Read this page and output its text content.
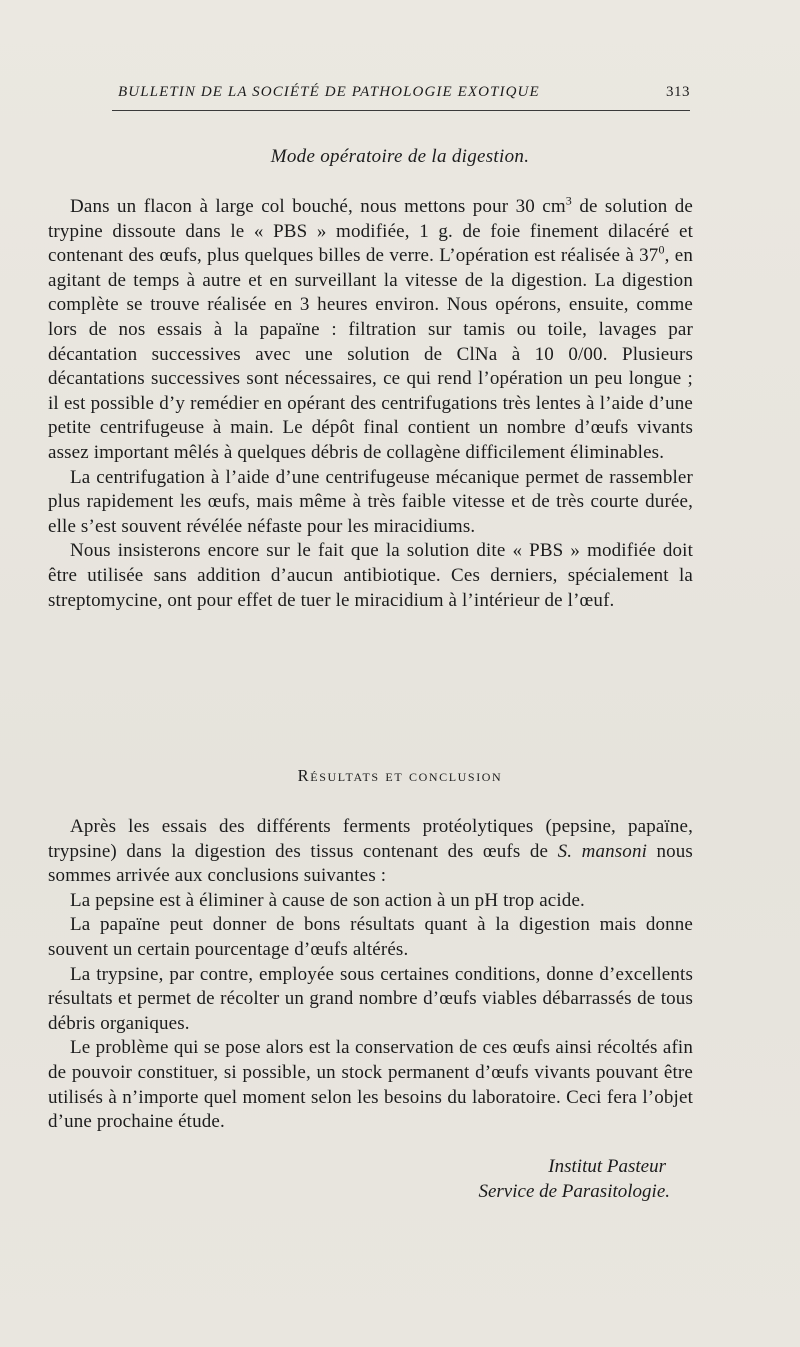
BULLETIN DE LA SOCIÉTÉ DE PATHOLOGIE EXOTIQUE	313
Mode opératoire de la digestion.

Dans un flacon à large col bouché, nous mettons pour 30 $cm^3$ de solution de trypine dissoute dans le « PBS » modifiée, 1 g. de foie finement dilacéré et contenant des œufs, plus quelques billes de verre. L’opération est réalisée à $37^0$, en agitant de temps à autre et en surveillant la vitesse de la digestion. La digestion complète se trouve réalisée en 3 heures environ. Nous opérons, ensuite, comme lors de nos essais à la papaïne : filtration sur tamis ou toile, lavages par décantation successives avec une solution de ClNa à 10 0/00. Plusieurs décantations successives sont nécessaires, ce qui rend l’opération un peu longue ; il est possible d’y remédier en opérant des centrifugations très lentes à l’aide d’une petite centrifugeuse à main. Le dépôt final contient un nombre d’œufs vivants assez important mêlés à quelques débris de collagène difficilement éliminables.

La centrifugation à l’aide d’une centrifugeuse mécanique permet de rassembler plus rapidement les œufs, mais même à très faible vitesse et de très courte durée, elle s’est souvent révélée néfaste pour les miracidiums.

Nous insisterons encore sur le fait que la solution dite « PBS » modifiée doit être utilisée sans addition d’aucun antibiotique. Ces derniers, spécialement la streptomycine, ont pour effet de tuer le miracidium à l’intérieur de l’œuf.

Résultats et conclusion

Après les essais des différents ferments protéolytiques (pepsine, papaïne, trypsine) dans la digestion des tissus contenant des œufs de S. mansoni nous sommes arrivée aux conclusions suivantes :

La pepsine est à éliminer à cause de son action à un pH trop acide.

La papaïne peut donner de bons résultats quant à la digestion mais donne souvent un certain pourcentage d’œufs altérés.

La trypsine, par contre, employée sous certaines conditions, donne d’excellents résultats et permet de récolter un grand nombre d’œufs viables débarrassés de tous débris organiques.

Le problème qui se pose alors est la conservation de ces œufs ainsi récoltés afin de pouvoir constituer, si possible, un stock permanent d’œufs vivants pouvant être utilisés à n’importe quel moment selon les besoins du laboratoire. Ceci fera l’objet d’une prochaine étude.

Institut Pasteur
Service de Parasitologie.
